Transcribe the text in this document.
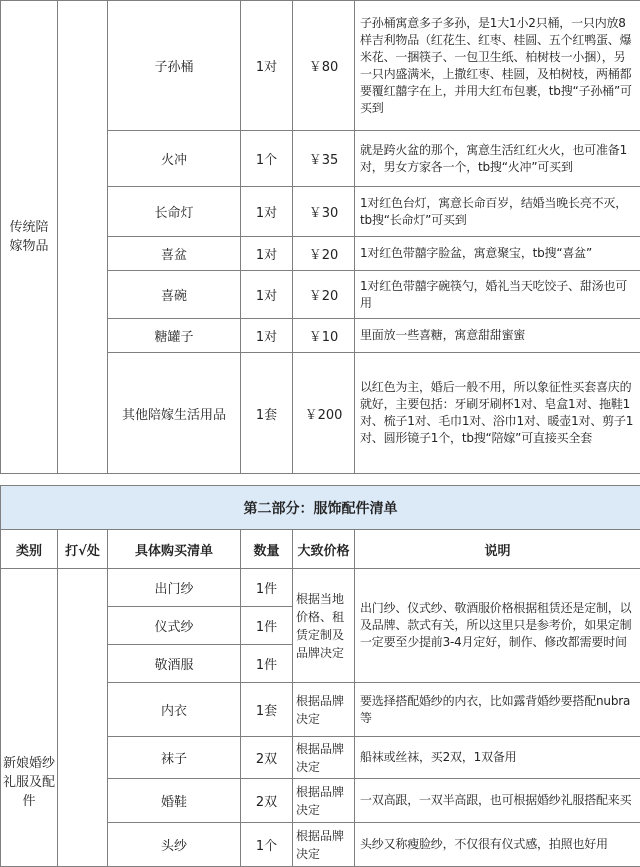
传统陪嫁物品		子孙桶	1对	￥80	子孙桶寓意多子多孙，是1大1小2只桶，一只内放8样吉利物品（红花生、红枣、桂圆、五个红鸭蛋、爆米花、一捆筷子、一包卫生纸、柏树枝一小捆），另一只内盛满米，上撒红枣、桂圆，及柏树枝，两桶都要覆红囍字在上，并用大红布包裹，tb搜“子孙桶”可买到
		火冲	1个	￥35	就是跨火盆的那个，寓意生活红红火火，也可准备1对，男女方家各一个，tb搜“火冲”可买到
		长命灯	1对	￥30	1对红色台灯，寓意长命百岁，结婚当晚长亮不灭，tb搜“长命灯”可买到
		喜盆	1对	￥20	1对红色带囍字脸盆，寓意聚宝，tb搜“喜盆”
		喜碗	1对	￥20	1对红色带囍字碗筷勺，婚礼当天吃饺子、甜汤也可用
		糖罐子	1对	￥10	里面放一些喜糖，寓意甜甜蜜蜜
		其他陪嫁生活用品	1套	￥200	以红色为主，婚后一般不用，所以象征性买套喜庆的就好，主要包括：牙刷牙刷杯1对、皂盒1对、拖鞋1对、梳子1对、毛巾1对、浴巾1对、暖壶1对、剪子1对、圆形镜子1个，tb搜“陪嫁”可直接买全套

第二部分：服饰配件清单					
类别	打√处	具体购买清单	数量	大致价格	说明

新娘婚纱礼服及配件		出门纱	1件	根据当地价格、租赁定制及品牌决定	出门纱、仪式纱、敬酒服价格根据租赁还是定制，以及品牌、款式有关，所以这里只是参考价，如果定制一定要至少提前3-4月定好，制作、修改都需要时间
		仪式纱	1件		
		敬酒服	1件		
		内衣	1套	根据品牌决定	要选择搭配婚纱的内衣，比如露背婚纱要搭配nubra等
		袜子	2双	根据品牌决定	船袜或丝袜，买2双，1双备用
		婚鞋	2双	根据品牌决定	一双高跟，一双半高跟，也可根据婚纱礼服搭配来买
		头纱	1个	根据品牌决定	头纱又称瘦脸纱，不仅很有仪式感，拍照也好用
